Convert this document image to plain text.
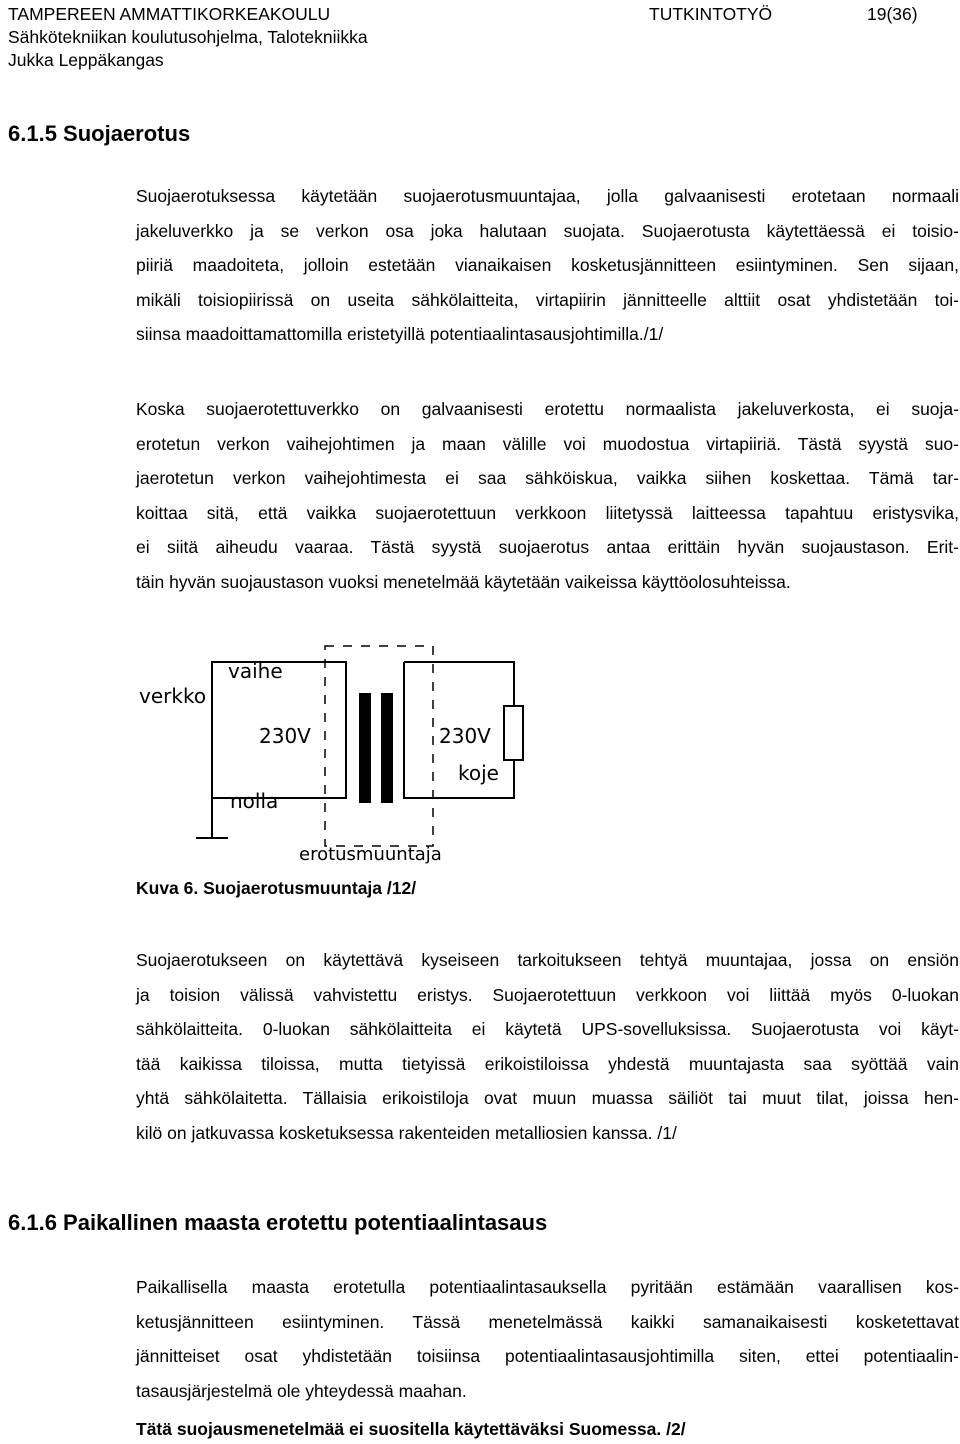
TAMPEREEN AMMATTIKORKEAKOULU	TUTKINTOTYÖ	19(36)
Sähkötekniikan koulutusohjelma, Talotekniikka
Jukka Leppäkangas
6.1.5 Suojaerotus
Suojaerotuksessa käytetään suojaerotusmuuntajaa, jolla galvaanisesti erotetaan normaali
jakeluverkko ja se verkon osa joka halutaan suojata. Suojaerotusta käytettäessä ei toisio-
piiriä maadoiteta, jolloin estetään vianaikaisen kosketusjännitteen esiintyminen. Sen sijaan,
mikäli toisiopiirissä on useita sähkölaitteita, virtapiirin jännitteelle alttiit osat yhdistetään toi-
siinsa maadoittamattomilla eristetyillä potentiaalintasausjohtimilla./1/
Koska suojaerotettuverkko on galvaanisesti erotettu normaalista jakeluverkosta, ei suoja-
erotetun verkon vaihejohtimen ja maan välille voi muodostua virtapiiriä. Tästä syystä suo-
jaerotetun verkon vaihejohtimesta ei saa sähköiskua, vaikka siihen koskettaa. Tämä tar-
koittaa sitä, että vaikka suojaerotettuun verkkoon liitetyssä laitteessa tapahtuu eristysvika,
ei siitä aiheudu vaaraa. Tästä syystä suojaerotus antaa erittäin hyvän suojaustason. Erit-
täin hyvän suojaustason vuoksi menetelmää käytetään vaikeissa käyttöolosuhteissa.
verkko
vaihe
230V	230V
nolla
koje
erotusmuuntaja
Kuva 6. Suojaerotusmuuntaja /12/
Suojaerotukseen on käytettävä kyseiseen tarkoitukseen tehtyä muuntajaa, jossa on ensiön
ja toision välissä vahvistettu eristys. Suojaerotettuun verkkoon voi liittää myös 0-luokan
sähkölaitteita. 0-luokan sähkölaitteita ei käytetä UPS-sovelluksissa. Suojaerotusta voi käyt-
tää kaikissa tiloissa, mutta tietyissä erikoistiloissa yhdestä muuntajasta saa syöttää vain
yhtä sähkölaitetta. Tällaisia erikoistiloja ovat muun muassa säiliöt tai muut tilat, joissa hen-
kilö on jatkuvassa kosketuksessa rakenteiden metalliosien kanssa. /1/
6.1.6 Paikallinen maasta erotettu potentiaalintasaus
Paikallisella maasta erotetulla potentiaalintasauksella pyritään estämään vaarallisen kos-
ketusjännitteen esiintyminen. Tässä menetelmässä kaikki samanaikaisesti kosketettavat
jännitteiset osat yhdistetään toisiinsa potentiaalintasausjohtimilla siten, ettei potentiaalin-
tasausjärjestelmä ole yhteydessä maahan.
Tätä suojausmenetelmää ei suositella käytettäväksi Suomessa. /2/
